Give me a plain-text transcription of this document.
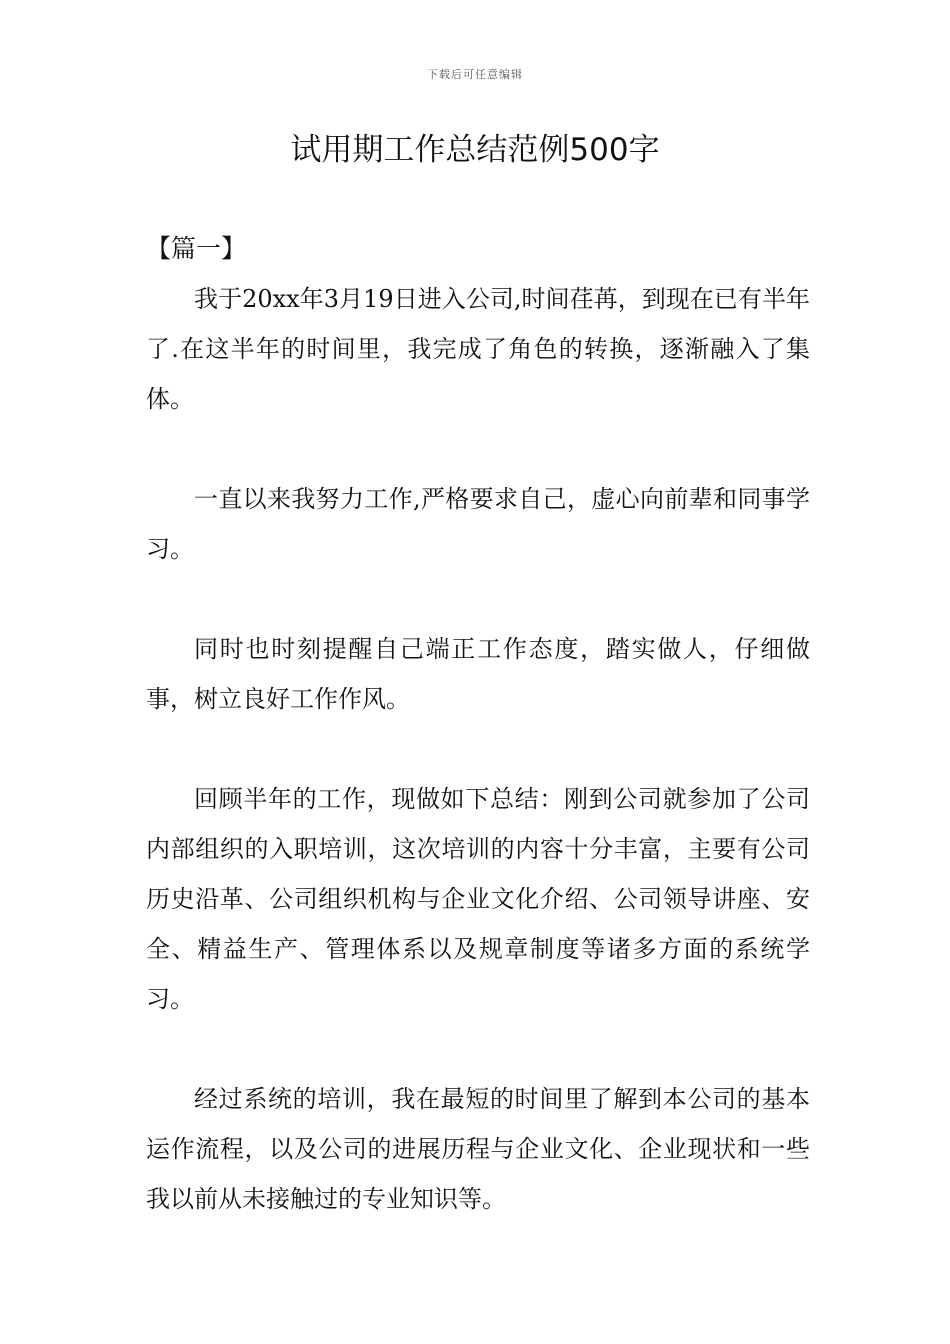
下载后可任意编辑
试用期工作总结范例500字

【篇一】

我于20xx年3月19日进入公司,时间荏苒，到现在已有半年了.在这半年的时间里，我完成了角色的转换，逐渐融入了集体。

一直以来我努力工作,严格要求自己，虚心向前辈和同事学习。

同时也时刻提醒自己端正工作态度，踏实做人，仔细做事，树立良好工作作风。

回顾半年的工作，现做如下总结：刚到公司就参加了公司内部组织的入职培训，这次培训的内容十分丰富，主要有公司历史沿革、公司组织机构与企业文化介绍、公司领导讲座、安全、精益生产、管理体系以及规章制度等诸多方面的系统学习。

经过系统的培训，我在最短的时间里了解到本公司的基本运作流程，以及公司的进展历程与企业文化、企业现状和一些我以前从未接触过的专业知识等。
